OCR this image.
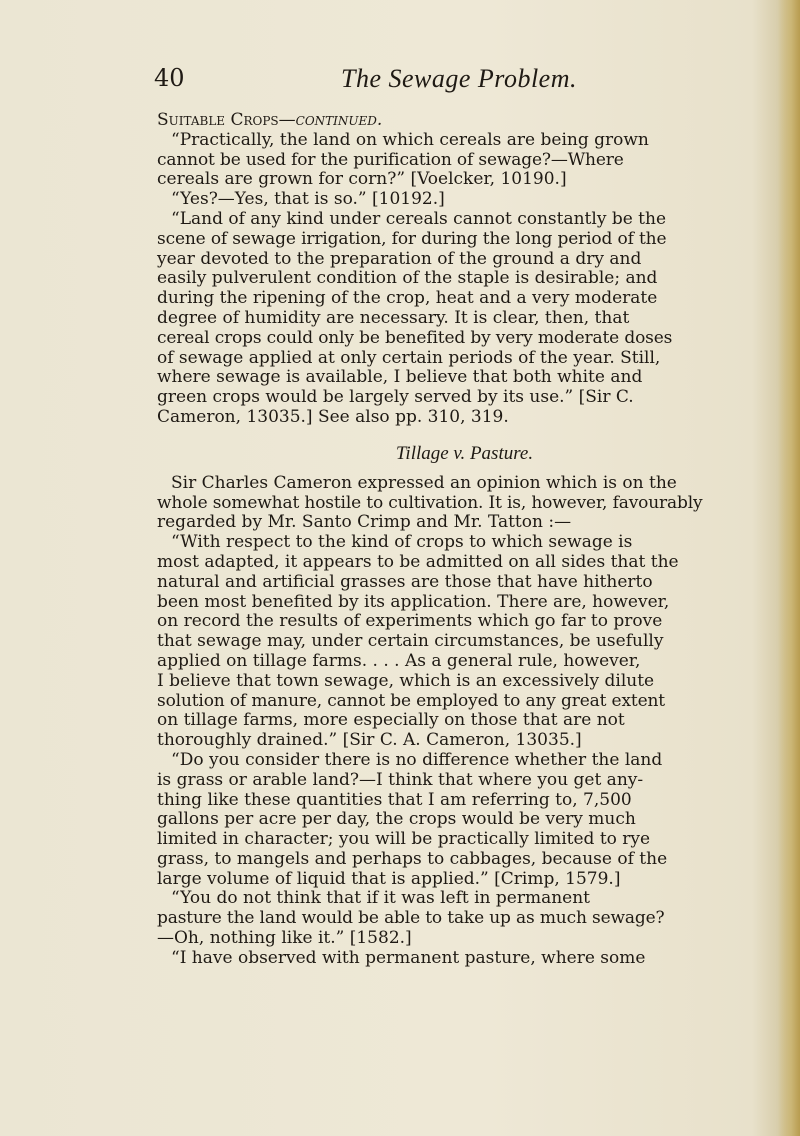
40	The Sewage Problem.
Suitable Crops—continued.
“Practically, the land on which cereals are being grown
cannot be used for the purification of sewage?—Where
cereals are grown for corn?” [Voelcker, 10190.]
“Yes?—Yes, that is so.” [10192.]
“Land of any kind under cereals cannot constantly be the
scene of sewage irrigation, for during the long period of the
year devoted to the preparation of the ground a dry and
easily pulverulent condition of the staple is desirable; and
during the ripening of the crop, heat and a very moderate
degree of humidity are necessary. It is clear, then, that
cereal crops could only be benefited by very moderate doses
of sewage applied at only certain periods of the year. Still,
where sewage is available, I believe that both white and
green crops would be largely served by its use.” [Sir C.
Cameron, 13035.] See also pp. 310, 319.
Tillage v. Pasture.
Sir Charles Cameron expressed an opinion which is on the
whole somewhat hostile to cultivation. It is, however, favourably
regarded by Mr. Santo Crimp and Mr. Tatton :—
“With respect to the kind of crops to which sewage is
most adapted, it appears to be admitted on all sides that the
natural and artificial grasses are those that have hitherto
been most benefited by its application. There are, however,
on record the results of experiments which go far to prove
that sewage may, under certain circumstances, be usefully
applied on tillage farms. . . . As a general rule, however,
I believe that town sewage, which is an excessively dilute
solution of manure, cannot be employed to any great extent
on tillage farms, more especially on those that are not
thoroughly drained.” [Sir C. A. Cameron, 13035.]
“Do you consider there is no difference whether the land
is grass or arable land?—I think that where you get any-
thing like these quantities that I am referring to, 7,500
gallons per acre per day, the crops would be very much
limited in character; you will be practically limited to rye
grass, to mangels and perhaps to cabbages, because of the
large volume of liquid that is applied.” [Crimp, 1579.]
“You do not think that if it was left in permanent
pasture the land would be able to take up as much sewage?
—Oh, nothing like it.” [1582.]
“I have observed with permanent pasture, where some
